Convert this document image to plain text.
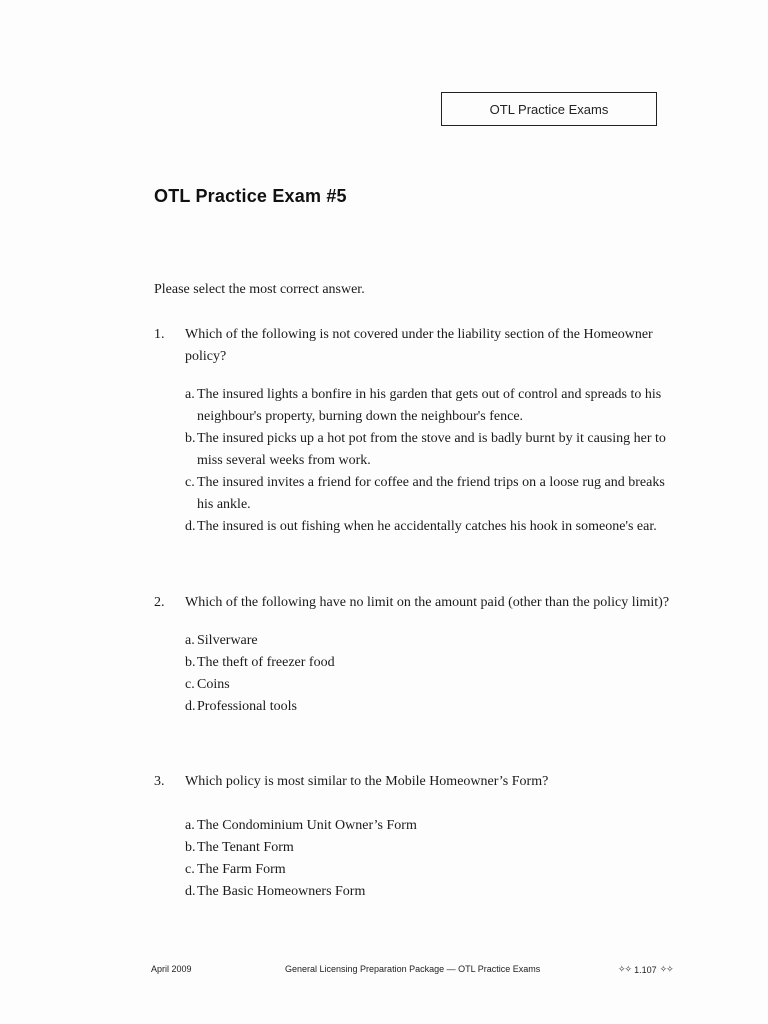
OTL Practice Exams
OTL Practice Exam #5
Please select the most correct answer.
1.	Which of the following is not covered under the liability section of the Homeowner policy?
a. The insured lights a bonfire in his garden that gets out of control and spreads to his neighbour's property, burning down the neighbour's fence.
b. The insured picks up a hot pot from the stove and is badly burnt by it causing her to miss several weeks from work.
c. The insured invites a friend for coffee and the friend trips on a loose rug and breaks his ankle.
d. The insured is out fishing when he accidentally catches his hook in someone's ear.
2.	Which of the following have no limit on the amount paid (other than the policy limit)?
a. Silverware
b. The theft of freezer food
c. Coins
d. Professional tools
3.	Which policy is most similar to the Mobile Homeowner’s Form?
a. The Condominium Unit Owner’s Form
b. The Tenant Form
c. The Farm Form
d. The Basic Homeowners Form
April 2009	General Licensing Preparation Package — OTL Practice Exams	✧✧ 1.107 ✧✧
